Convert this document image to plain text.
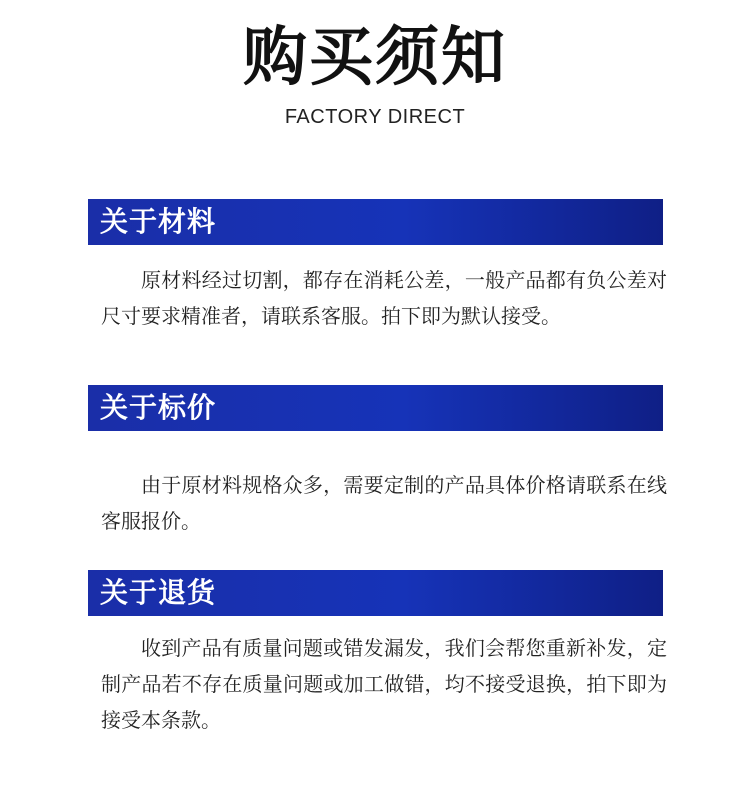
购买须知
FACTORY DIRECT
关于材料
原材料经过切割，都存在消耗公差，一般产品都有负公差对尺寸要求精准者，请联系客服。拍下即为默认接受。
关于标价
由于原材料规格众多，需要定制的产品具体价格请联系在线客服报价。
关于退货
收到产品有质量问题或错发漏发，我们会帮您重新补发，定制产品若不存在质量问题或加工做错，均不接受退换，拍下即为接受本条款。
